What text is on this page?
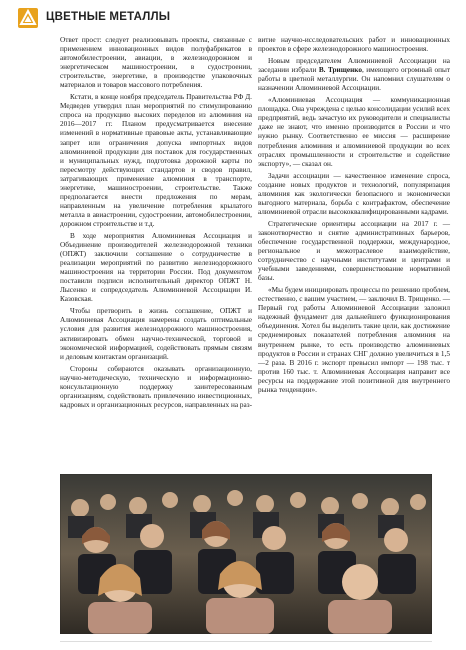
ЦВЕТНЫЕ МЕТАЛЛЫ

Ответ прост: следует реализовывать проекты, связанные с применением инновационных видов полуфабрикатов в автомобилестроении, авиации, в железнодорожном и энергетическом машиностроении, в судостроении, строительстве, энергетике, в производстве упаковочных материалов и товаров массового потребления.

Кстати, в конце ноября председатель Правительства РФ Д. Медведев утвердил план мероприятий по стимулированию спроса на продукцию высоких переделов из алюминия на 2016—2017 гг. Планом предусматривается внесение изменений в нормативные правовые акты, устанавливающие запрет или ограничения допуска импортных видов алюминиевой продукции для поставок для государственных и муниципальных нужд, подготовка дорожной карты по пересмотру действующих стандартов и сводов правил, затрагивающих применение алюминия в транспорте, энергетике, машиностроении, строительстве. Также предполагается внести предложения по мерам, направленным на увеличение потребления крылатого металла в авиастроении, судостроении, автомобилестроении, дорожном строительстве и т.д.

В ходе мероприятия Алюминиевая Ассоциация и Объединение производителей железнодорожной техники (ОПЖТ) заключили соглашение о сотрудничестве в реализации мероприятий по развитию железнодорожного машиностроения на территории России. Под документом поставили подписи исполнительный директор ОПЖТ Н. Лысенко и сопредседатель Алюминиевой Ассоциации И. Казовская.

Чтобы претворить в жизнь соглашение, ОПЖТ и Алюминиевая Ассоциация намерены создать оптимальные условия для развития железнодорожного машиностроения, активизировать обмен научно-технической, торговой и экономической информацией, содействовать прямым связям и деловым контактам организаций.

Стороны собираются оказывать организационную, научно-методическую, техническую и информационно-консультационную поддержку заинтересованным организациям, содействовать привлечению инвестиционных, кадровых и организационных ресурсов, направленных на раз-

витие научно-исследовательских работ и инновационных проектов в сфере железнодорожного машиностроения.

Новым председателем Алюминиевой Ассоциации на заседании избрали В. Трищенко, имеющего огромный опыт работы в цветной металлургии. Он напомнил слушателям о назначении Алюминиевой Ассоциации.

«Алюминиевая Ассоциация — коммуникационная площадка. Она учреждена с целью консолидации усилий всех предприятий, ведь зачастую их руководители и специалисты даже не знают, что именно производится в России и что нужно рынку. Соответственно ее миссия — расширение потребления алюминия и алюминиевой продукции во всех отраслях промышленности и строительстве и содействие экспорту», — сказал он.

Задачи ассоциации — качественное изменение спроса, создание новых продуктов и технологий, популяризация алюминия как экологически безопасного и экономически выгодного материала, борьба с контрафактом, обеспечение алюминиевой отрасли высококвалифицированными кадрами.

Стратегические ориентиры ассоциации на 2017 г. — законотворчество и снятие административных барьеров, обеспечение государственной поддержки, международное, региональное и межотраслевое взаимодействие, сотрудничество с научными институтами и центрами и учебными заведениями, совершенствование нормативной базы.

«Мы будем инициировать процессы по решению проблем, естественно, с вашим участием, — заключил В. Трищенко. — Первый год работы Алюминиевой Ассоциации заложил надежный фундамент для дальнейшего функционирования объединения. Хотел бы выделить такие цели, как достижение среднемировых показателей потребления алюминия на внутреннем рынке, то есть производство алюминиевых продуктов в России и странах СНГ должно увеличиться в 1,5—2 раза. В 2016 г. экспорт превысил импорт — 198 тыс. т против 160 тыс. т. Алюминиевая Ассоциация направит все ресурсы на поддержание этой позитивной для внутреннего рынка тенденции».
